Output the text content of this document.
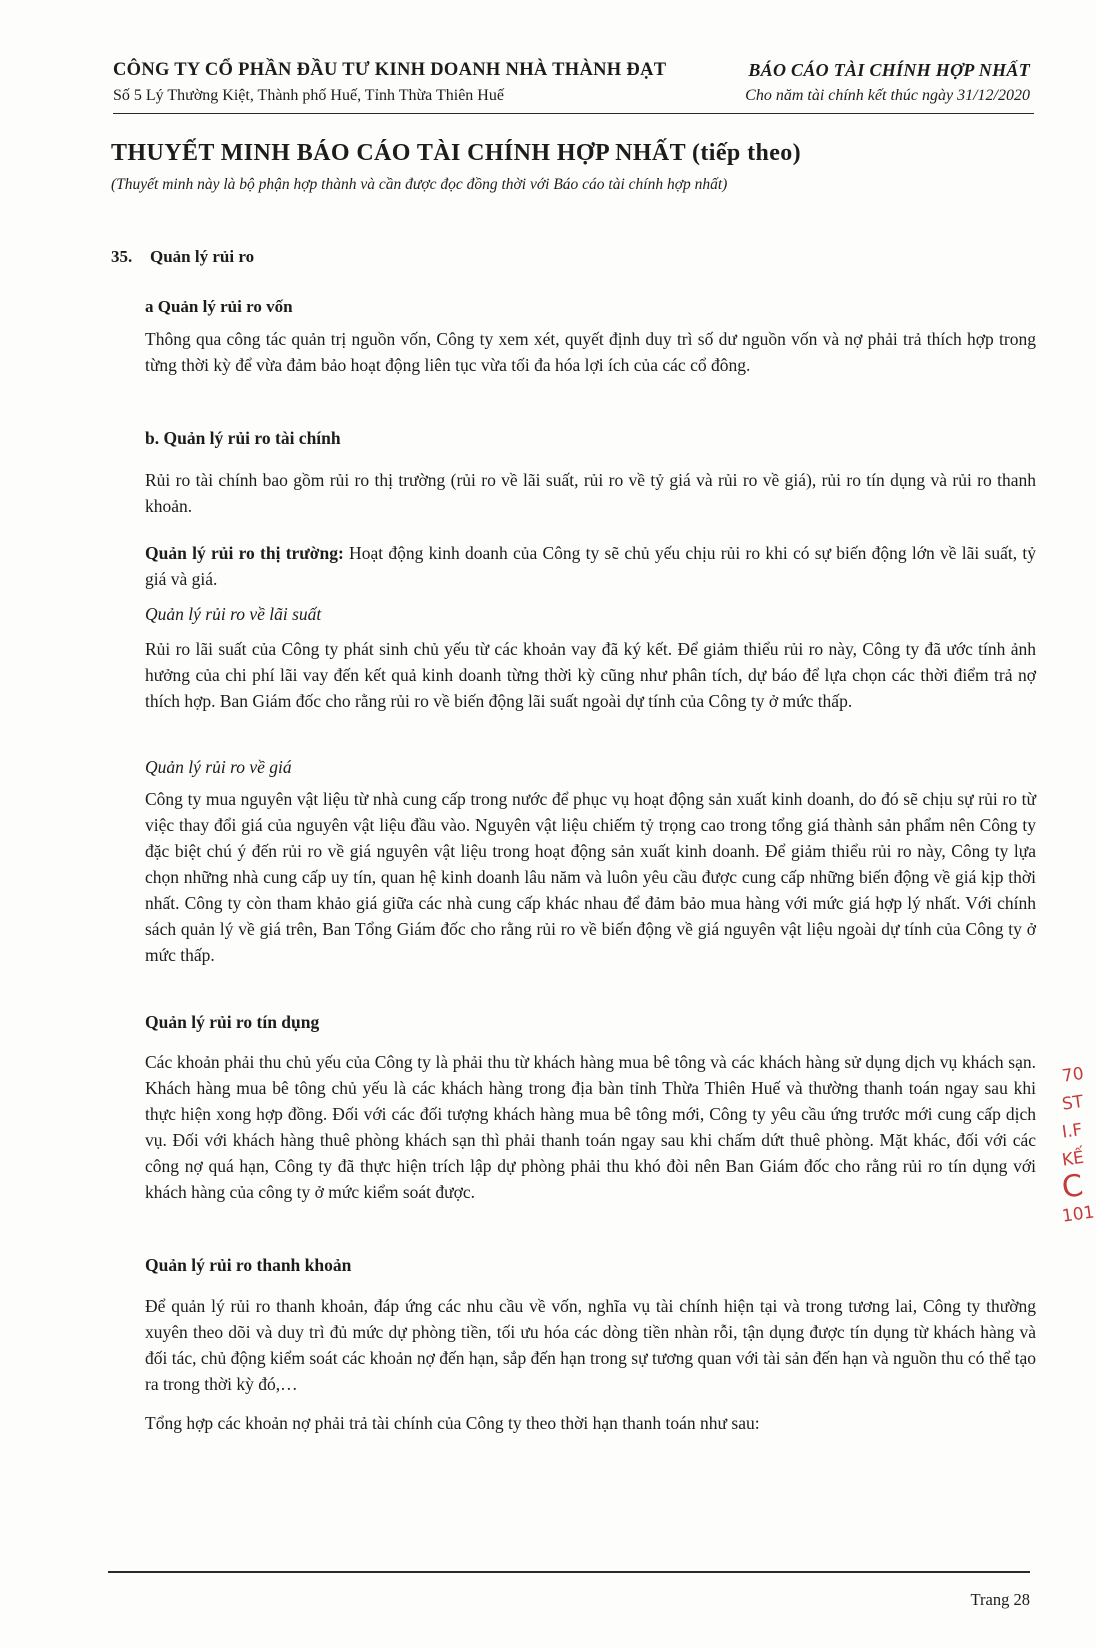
CÔNG TY CỔ PHẦN ĐẦU TƯ KINH DOANH NHÀ THÀNH ĐẠT
Số 5 Lý Thường Kiệt, Thành phố Huế, Tỉnh Thừa Thiên Huế
BÁO CÁO TÀI CHÍNH HỢP NHẤT
Cho năm tài chính kết thúc ngày 31/12/2020
THUYẾT MINH BÁO CÁO TÀI CHÍNH HỢP NHẤT (tiếp theo)
(Thuyết minh này là bộ phận hợp thành và cần được đọc đồng thời với Báo cáo tài chính hợp nhất)
35. Quản lý rủi ro
a Quản lý rủi ro vốn
Thông qua công tác quản trị nguồn vốn, Công ty xem xét, quyết định duy trì số dư nguồn vốn và nợ phải trả thích hợp trong từng thời kỳ để vừa đảm bảo hoạt động liên tục vừa tối đa hóa lợi ích của các cổ đông.
b. Quản lý rủi ro tài chính
Rủi ro tài chính bao gồm rủi ro thị trường (rủi ro về lãi suất, rủi ro về tỷ giá và rủi ro về giá), rủi ro tín dụng và rủi ro thanh khoản.
Quản lý rủi ro thị trường: Hoạt động kinh doanh của Công ty sẽ chủ yếu chịu rủi ro khi có sự biến động lớn về lãi suất, tỷ giá và giá.
Quản lý rủi ro về lãi suất
Rủi ro lãi suất của Công ty phát sinh chủ yếu từ các khoản vay đã ký kết. Để giảm thiểu rủi ro này, Công ty đã ước tính ảnh hưởng của chi phí lãi vay đến kết quả kinh doanh từng thời kỳ cũng như phân tích, dự báo để lựa chọn các thời điểm trả nợ thích hợp. Ban Giám đốc cho rằng rủi ro về biến động lãi suất ngoài dự tính của Công ty ở mức thấp.
Quản lý rủi ro về giá
Công ty mua nguyên vật liệu từ nhà cung cấp trong nước để phục vụ hoạt động sản xuất kinh doanh, do đó sẽ chịu sự rủi ro từ việc thay đổi giá của nguyên vật liệu đầu vào. Nguyên vật liệu chiếm tỷ trọng cao trong tổng giá thành sản phẩm nên Công ty đặc biệt chú ý đến rủi ro về giá nguyên vật liệu trong hoạt động sản xuất kinh doanh. Để giảm thiểu rủi ro này, Công ty lựa chọn những nhà cung cấp uy tín, quan hệ kinh doanh lâu năm và luôn yêu cầu được cung cấp những biến động về giá kịp thời nhất. Công ty còn tham khảo giá giữa các nhà cung cấp khác nhau để đảm bảo mua hàng với mức giá hợp lý nhất. Với chính sách quản lý về giá trên, Ban Tổng Giám đốc cho rằng rủi ro về biến động về giá nguyên vật liệu ngoài dự tính của Công ty ở mức thấp.
Quản lý rủi ro tín dụng
Các khoản phải thu chủ yếu của Công ty là phải thu từ khách hàng mua bê tông và các khách hàng sử dụng dịch vụ khách sạn. Khách hàng mua bê tông chủ yếu là các khách hàng trong địa bàn tỉnh Thừa Thiên Huế và thường thanh toán ngay sau khi thực hiện xong hợp đồng. Đối với các đối tượng khách hàng mua bê tông mới, Công ty yêu cầu ứng trước mới cung cấp dịch vụ. Đối với khách hàng thuê phòng khách sạn thì phải thanh toán ngay sau khi chấm dứt thuê phòng. Mặt khác, đối với các công nợ quá hạn, Công ty đã thực hiện trích lập dự phòng phải thu khó đòi nên Ban Giám đốc cho rằng rủi ro tín dụng với khách hàng của công ty ở mức kiểm soát được.
Quản lý rủi ro thanh khoản
Để quản lý rủi ro thanh khoản, đáp ứng các nhu cầu về vốn, nghĩa vụ tài chính hiện tại và trong tương lai, Công ty thường xuyên theo dõi và duy trì đủ mức dự phòng tiền, tối ưu hóa các dòng tiền nhàn rỗi, tận dụng được tín dụng từ khách hàng và đối tác, chủ động kiểm soát các khoản nợ đến hạn, sắp đến hạn trong sự tương quan với tài sản đến hạn và nguồn thu có thể tạo ra trong thời kỳ đó,…
Tổng hợp các khoản nợ phải trả tài chính của Công ty theo thời hạn thanh toán như sau:
70
ST
I.F
KẾ
C
101
Trang 28
